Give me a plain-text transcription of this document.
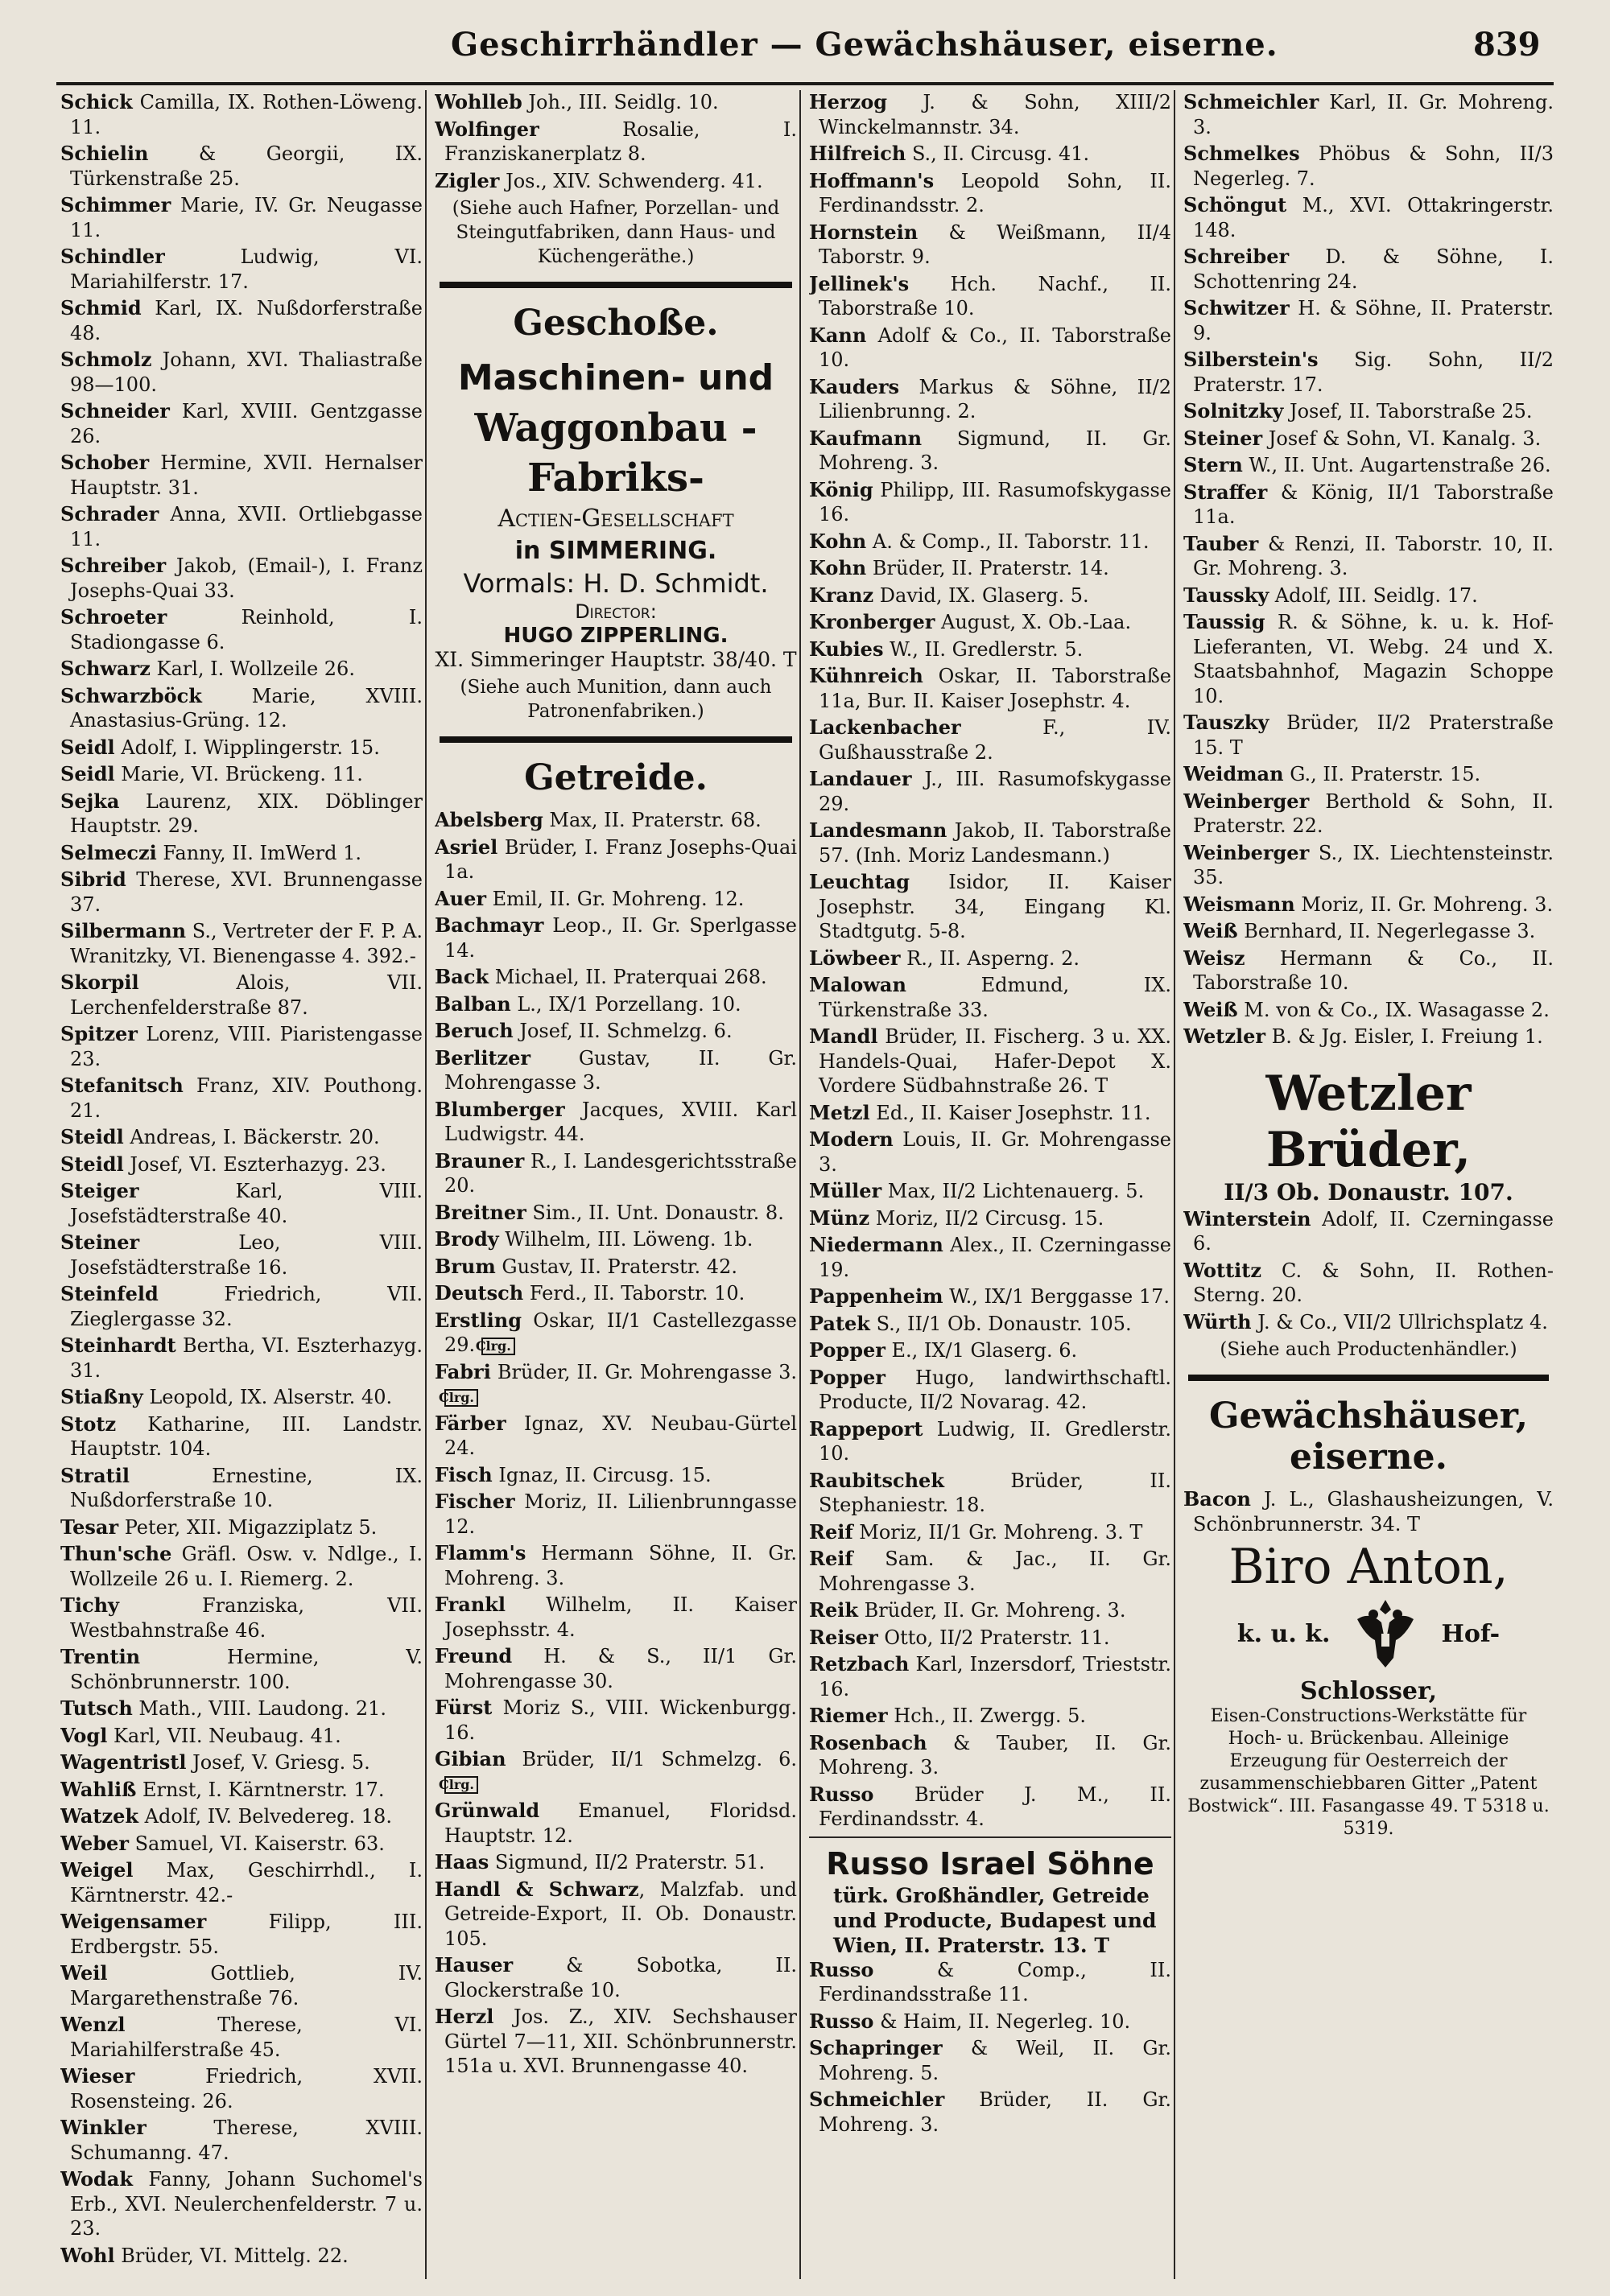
Geschirrhändler — Gewächshäuser, eiserne.	839
Schick Camilla, IX. Rothen-Löweng. 11.
Schielin & Georgii, IX. Türkenstraße 25.
Schimmer Marie, IV. Gr. Neugasse 11.
Schindler Ludwig, VI. Mariahilferstr. 17.
Schmid Karl, IX. Nußdorferstraße 48.
Schmolz Johann, XVI. Thaliastraße 98—100.
Schneider Karl, XVIII. Gentzgasse 26.
Schober Hermine, XVII. Hernalser Hauptstr. 31.
Schrader Anna, XVII. Ortliebgasse 11.
Schreiber Jakob, (Email-), I. Franz Josephs-Quai 33.
Schroeter Reinhold, I. Stadiongasse 6.
Schwarz Karl, I. Wollzeile 26.
Schwarzböck Marie, XVIII. Anastasius-Grüng. 12.
Seidl Adolf, I. Wipplingerstr. 15.
Seidl Marie, VI. Brückeng. 11.
Sejka Laurenz, XIX. Döblinger Hauptstr. 29.
Selmeczi Fanny, II. ImWerd 1.
Sibrid Therese, XVI. Brunnengasse 37.
Silbermann S., Vertreter der F. P. A. Wranitzky, VI. Bienengasse 4. 392.-
Skorpil Alois, VII. Lerchenfelderstraße 87.
Spitzer Lorenz, VIII. Piaristengasse 23.
Stefanitsch Franz, XIV. Pouthong. 21.
Steidl Andreas, I. Bäckerstr. 20.
Steidl Josef, VI. Eszterhazyg. 23.
Steiger Karl, VIII. Josefstädterstraße 40.
Steiner Leo, VIII. Josefstädterstraße 16.
Steinfeld Friedrich, VII. Zieglergasse 32.
Steinhardt Bertha, VI. Eszterhazyg. 31.
Stiaßny Leopold, IX. Alserstr. 40.
Stotz Katharine, III. Landstr. Hauptstr. 104.
Stratil Ernestine, IX. Nußdorferstraße 10.
Tesar Peter, XII. Migazziplatz 5.
Thun'sche Gräfl. Osw. v. Ndlge., I. Wollzeile 26 u. I. Riemerg. 2.
Tichy Franziska, VII. Westbahnstraße 46.
Trentin Hermine, V. Schönbrunnerstr. 100.
Tutsch Math., VIII. Laudong. 21.
Vogl Karl, VII. Neubaug. 41.
Wagentristl Josef, V. Griesg. 5.
Wahliß Ernst, I. Kärntnerstr. 17.
Watzek Adolf, IV. Belvedereg. 18.
Weber Samuel, VI. Kaiserstr. 63.
Weigel Max, Geschirrhdl., I. Kärntnerstr. 42.-
Weigensamer Filipp, III. Erdbergstr. 55.
Weil Gottlieb, IV. Margarethenstraße 76.
Wenzl Therese, VI. Mariahilferstraße 45.
Wieser Friedrich, XVII. Rosensteing. 26.
Winkler Therese, XVIII. Schumanng. 47.
Wodak Fanny, Johann Suchomel's Erb., XVI. Neulerchenfelderstr. 7 u. 23.
Wohl Brüder, VI. Mittelg. 22.
Wohlleb Joh., III. Seidlg. 10.
Wolfinger Rosalie, I. Franziskanerplatz 8.
Zigler Jos., XIV. Schwenderg. 41.
(Siehe auch Hafner, Porzellan- und Steingutfabriken, dann Haus- und Küchengeräthe.)
Geschoße.
Maschinen- und
Waggonbau - Fabriks-
Actien-Gesellschaft
in SIMMERING.
Vormals: H. D. Schmidt.
Director:
HUGO ZIPPERLING.
XI. Simmeringer Hauptstr. 38/40. T
(Siehe auch Munition, dann auch Patronenfabriken.)
Getreide.
Abelsberg Max, II. Praterstr. 68.
Asriel Brüder, I. Franz Josephs-Quai 1a.
Auer Emil, II. Gr. Mohreng. 12.
Bachmayr Leop., II. Gr. Sperlgasse 14.
Back Michael, II. Praterquai 268.
Balban L., IX/1 Porzellang. 10.
Beruch Josef, II. Schmelzg. 6.
Berlitzer Gustav, II. Gr. Mohrengasse 3.
Blumberger Jacques, XVIII. Karl Ludwigstr. 44.
Brauner R., I. Landesgerichtsstraße 20.
Breitner Sim., II. Unt. Donaustr. 8.
Brody Wilhelm, III. Löweng. 1b.
Brum Gustav, II. Praterstr. 42.
Deutsch Ferd., II. Taborstr. 10.
Erstling Oskar, II/1 Castellezgasse 29. Clrg.
Fabri Brüder, II. Gr. Mohrengasse 3. Clrg.
Färber Ignaz, XV. Neubau-Gürtel 24.
Fisch Ignaz, II. Circusg. 15.
Fischer Moriz, II. Lilienbrunngasse 12.
Flamm's Hermann Söhne, II. Gr. Mohreng. 3.
Frankl Wilhelm, II. Kaiser Josephsstr. 4.
Freund H. & S., II/1 Gr. Mohrengasse 30.
Fürst Moriz S., VIII. Wickenburgg. 16.
Gibian Brüder, II/1 Schmelzg. 6. Clrg.
Grünwald Emanuel, Floridsd. Hauptstr. 12.
Haas Sigmund, II/2 Praterstr. 51.
Handl & Schwarz, Malzfab. und Getreide-Export, II. Ob. Donaustr. 105.
Hauser & Sobotka, II. Glockerstraße 10.
Herzl Jos. Z., XIV. Sechshauser Gürtel 7—11, XII. Schönbrunnerstr. 151a u. XVI. Brunnengasse 40.
Herzog J. & Sohn, XIII/2 Winckelmannstr. 34.
Hilfreich S., II. Circusg. 41.
Hoffmann's Leopold Sohn, II. Ferdinandsstr. 2.
Hornstein & Weißmann, II/4 Taborstr. 9.
Jellinek's Hch. Nachf., II. Taborstraße 10.
Kann Adolf & Co., II. Taborstraße 10.
Kauders Markus & Söhne, II/2 Lilienbrunng. 2.
Kaufmann Sigmund, II. Gr. Mohreng. 3.
König Philipp, III. Rasumofskygasse 16.
Kohn A. & Comp., II. Taborstr. 11.
Kohn Brüder, II. Praterstr. 14.
Kranz David, IX. Glaserg. 5.
Kronberger August, X. Ob.-Laa.
Kubies W., II. Gredlerstr. 5.
Kühnreich Oskar, II. Taborstraße 11a, Bur. II. Kaiser Josephstr. 4.
Lackenbacher F., IV. Gußhausstraße 2.
Landauer J., III. Rasumofskygasse 29.
Landesmann Jakob, II. Taborstraße 57. (Inh. Moriz Landesmann.)
Leuchtag Isidor, II. Kaiser Josephstr. 34, Eingang Kl. Stadtgutg. 5-8.
Löwbeer R., II. Asperng. 2.
Malowan Edmund, IX. Türkenstraße 33.
Mandl Brüder, II. Fischerg. 3 u. XX. Handels-Quai, Hafer-Depot X. Vordere Südbahnstraße 26. T
Metzl Ed., II. Kaiser Josephstr. 11.
Modern Louis, II. Gr. Mohrengasse 3.
Müller Max, II/2 Lichtenauerg. 5.
Münz Moriz, II/2 Circusg. 15.
Niedermann Alex., II. Czerningasse 19.
Pappenheim W., IX/1 Berggasse 17.
Patek S., II/1 Ob. Donaustr. 105.
Popper E., IX/1 Glaserg. 6.
Popper Hugo, landwirthschaftl. Producte, II/2 Novarag. 42.
Rappeport Ludwig, II. Gredlerstr. 10.
Raubitschek Brüder, II. Stephaniestr. 18.
Reif Moriz, II/1 Gr. Mohreng. 3. T
Reif Sam. & Jac., II. Gr. Mohrengasse 3.
Reik Brüder, II. Gr. Mohreng. 3.
Reiser Otto, II/2 Praterstr. 11.
Retzbach Karl, Inzersdorf, Trieststr. 16.
Riemer Hch., II. Zwergg. 5.
Rosenbach & Tauber, II. Gr. Mohreng. 3.
Russo Brüder J. M., II. Ferdinandsstr. 4.
Russo Israel Söhne
türk. Großhändler, Getreide und Producte, Budapest und Wien, II. Praterstr. 13. T
Russo & Comp., II. Ferdinandsstraße 11.
Russo & Haim, II. Negerleg. 10.
Schapringer & Weil, II. Gr. Mohreng. 5.
Schmeichler Brüder, II. Gr. Mohreng. 3.
Schmeichler Karl, II. Gr. Mohreng. 3.
Schmelkes Phöbus & Sohn, II/3 Negerleg. 7.
Schöngut M., XVI. Ottakringerstr. 148.
Schreiber D. & Söhne, I. Schottenring 24.
Schwitzer H. & Söhne, II. Praterstr. 9.
Silberstein's Sig. Sohn, II/2 Praterstr. 17.
Solnitzky Josef, II. Taborstraße 25.
Steiner Josef & Sohn, VI. Kanalg. 3.
Stern W., II. Unt. Augartenstraße 26.
Straffer & König, II/1 Taborstraße 11a.
Tauber & Renzi, II. Taborstr. 10, II. Gr. Mohreng. 3.
Taussky Adolf, III. Seidlg. 17.
Taussig R. & Söhne, k. u. k. Hof-Lieferanten, VI. Webg. 24 und X. Staatsbahnhof, Magazin Schoppe 10.
Tauszky Brüder, II/2 Praterstraße 15. T
Weidman G., II. Praterstr. 15.
Weinberger Berthold & Sohn, II. Praterstr. 22.
Weinberger S., IX. Liechtensteinstr. 35.
Weismann Moriz, II. Gr. Mohreng. 3.
Weiß Bernhard, II. Negerlegasse 3.
Weisz Hermann & Co., II. Taborstraße 10.
Weiß M. von & Co., IX. Wasagasse 2.
Wetzler B. & Jg. Eisler, I. Freiung 1.
Wetzler Brüder,
II/3 Ob. Donaustr. 107.
Winterstein Adolf, II. Czerningasse 6.
Wottitz C. & Sohn, II. Rothen-Sterng. 20.
Würth J. & Co., VII/2 Ullrichsplatz 4.
(Siehe auch Productenhändler.)
Gewächshäuser,
eiserne.
Bacon J. L., Glashausheizungen, V. Schönbrunnerstr. 34. T
Biro Anton,
k. u. k.	Hof-
Schlosser,
Eisen-Constructions-Werkstätte für Hoch- u. Brückenbau. Alleinige Erzeugung für Oesterreich der zusammenschiebbaren Gitter „Patent Bostwick“. III. Fasangasse 49. T 5318 u. 5319.
